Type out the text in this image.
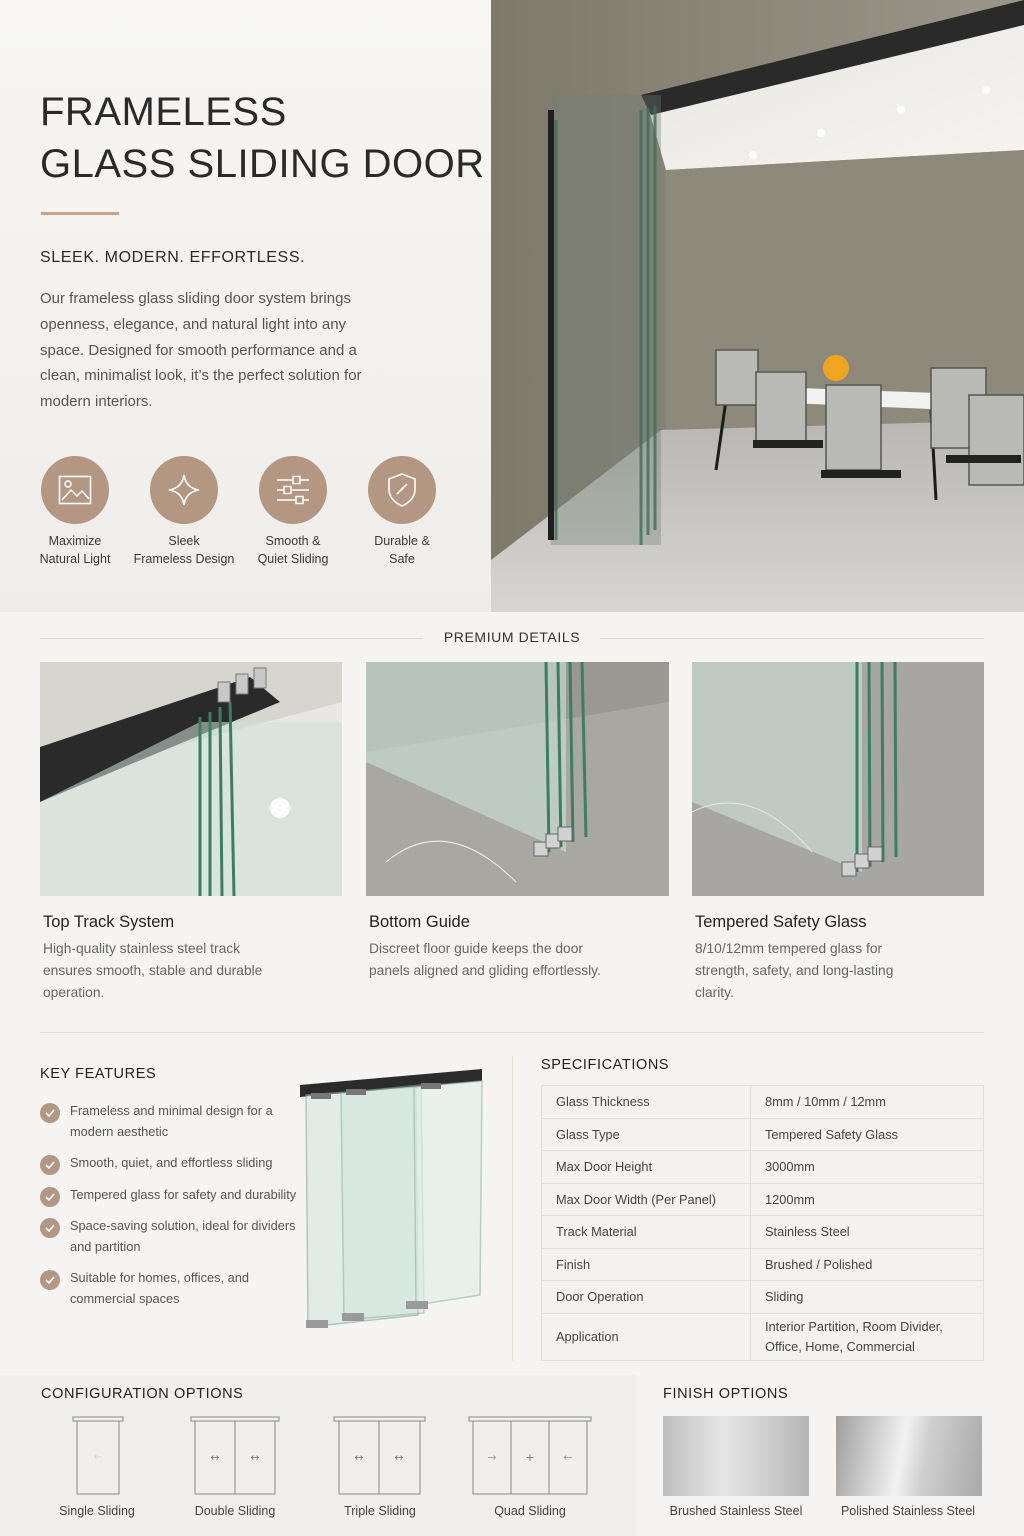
FRAMELESS
GLASS SLIDING DOOR
SLEEK. MODERN. EFFORTLESS.

Our frameless glass sliding door system brings openness, elegance, and natural light into any space. Designed for smooth performance and a clean, minimalist look, it’s the perfect solution for modern interiors.

Maximize
Natural Light
Sleek
Frameless Design
Smooth &
Quiet Sliding
Durable &
Safe
PREMIUM DETAILS
Top Track System
High-quality stainless steel track ensures smooth, stable and durable operation.
Bottom Guide
Discreet floor guide keeps the door panels aligned and gliding effortlessly.
Tempered Safety Glass
8/10/12mm tempered glass for strength, safety, and long-lasting clarity.
KEY FEATURES
Frameless and minimal design for a modern aesthetic
Smooth, quiet, and effortless sliding
Tempered glass for safety and durability
Space-saving solution, ideal for dividers and partition
Suitable for homes, offices, and commercial spaces
SPECIFICATIONS
Glass Thickness	8mm / 10mm / 12mm
Glass Type	Tempered Safety Glass
Max Door Height	3000mm
Max Door Width (Per Panel)	1200mm
Track Material	Stainless Steel
Finish	Brushed / Polished
Door Operation	Sliding
Application	Interior Partition, Room Divider, Office, Home, Commercial
CONFIGURATION OPTIONS
←
Single Sliding
↔	↔
Double Sliding
↔	↔
Triple Sliding
→	+	←
Quad Sliding
FINISH OPTIONS
Brushed Stainless Steel	Polished Stainless Steel
